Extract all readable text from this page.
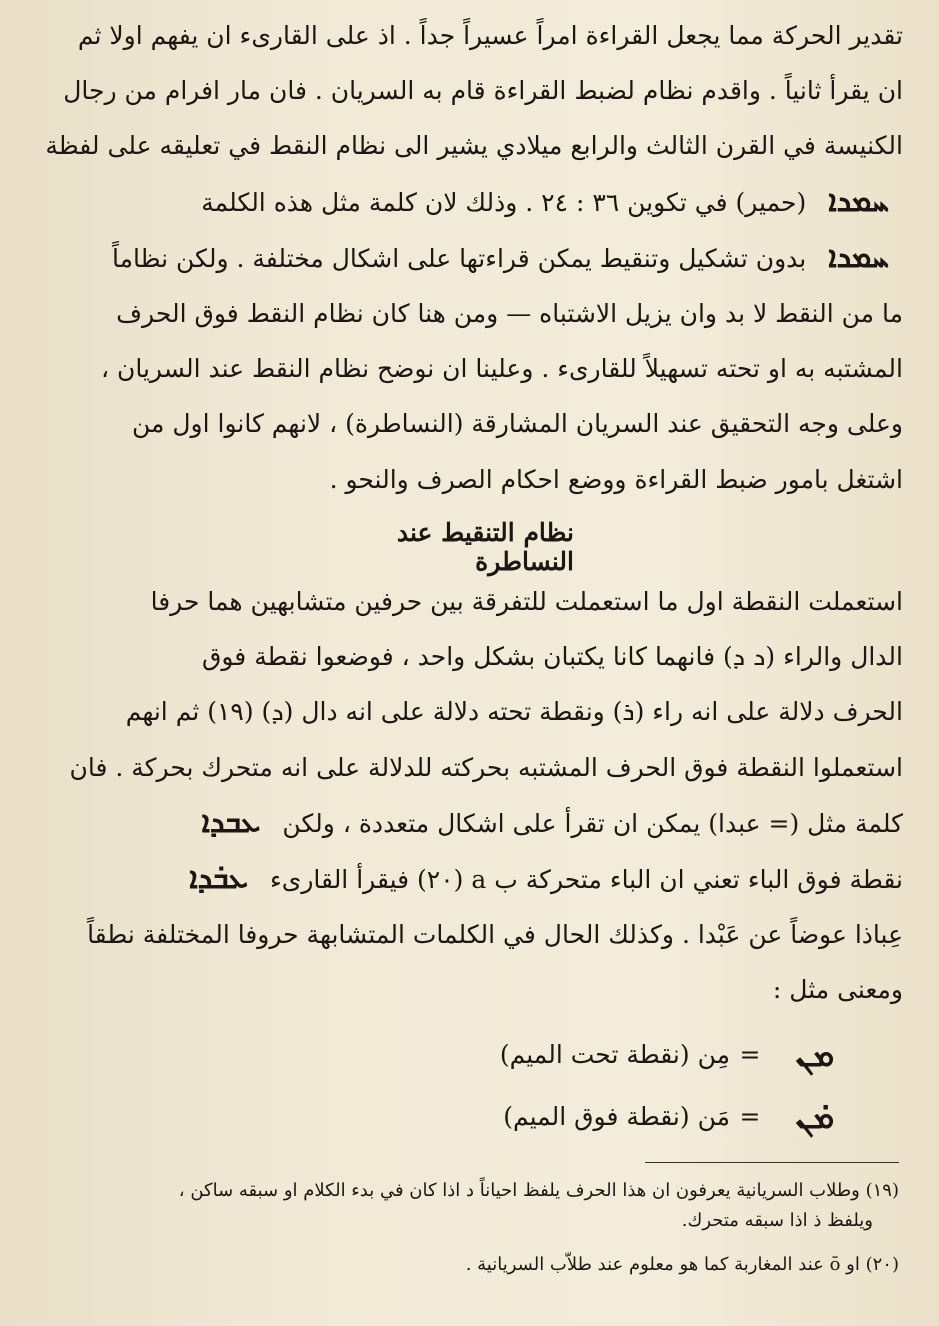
تقدير الحركة مما يجعل القراءة امراً عسيراً جداً . اذ على القارىء ان يفهم اولا ثم
ان يقرأ ثانياً . واقدم نظام لضبط القراءة قام به السريان . فان مار افرام من رجال
الكنيسة في القرن الثالث والرابع ميلادي يشير الى نظام النقط في تعليقه على لفظة
ܚܡܖܐ (حمير) في تكوين ٣٦ : ٢٤ . وذلك لان كلمة مثل هذه الكلمة
ܚܡܖܐ بدون تشكيل وتنقيط يمكن قراءتها على اشكال مختلفة . ولكن نظاماً
ما من النقط لا بد وان يزيل الاشتباه — ومن هنا كان نظام النقط فوق الحرف
المشتبه به او تحته تسهيلاً للقارىء . وعلينا ان نوضح نظام النقط عند السريان ،
وعلى وجه التحقيق عند السريان المشارقة (النساطرة) ، لانهم كانوا اول من
اشتغل بامور ضبط القراءة ووضع احكام الصرف والنحو .
نظام التنقيط عند النساطرة
استعملت النقطة اول ما استعملت للتفرقة بين حرفين متشابهين هما حرفا
الدال والراء (ܖ ܕ) فانهما كانا يكتبان بشكل واحد ، فوضعوا نقطة فوق
الحرف دلالة على انه راء (ܪ) ونقطة تحته دلالة على انه دال (ܕ) (١٩) ثم انهم
استعملوا النقطة فوق الحرف المشتبه بحركته للدلالة على انه متحرك بحركة . فان
كلمة مثل (= عبدا) يمكن ان تقرأ على اشكال متعددة ، ولكن ܥܒܕܐ
نقطة فوق الباء تعني ان الباء متحركة ب a (٢٠) فيقرأ القارىء ܥܒ̇ܕܐ
عِباذا عوضاً عن عَبْدا . وكذلك الحال في الكلمات المتشابهة حروفا المختلفة نطقاً
ومعنى مثل :
ܡܢ
=
مِن (نقطة تحت الميم)
ܡ̇ܢ
=
مَن (نقطة فوق الميم)

(١٩) وطلاب السريانية يعرفون ان هذا الحرف يلفظ احياناً د اذا كان في بدء الكلام او سبقه ساكن ،

ويلفظ ذ اذا سبقه متحرك.

(٢٠) او ō عند المغاربة كما هو معلوم عند طلاّب السريانية .
